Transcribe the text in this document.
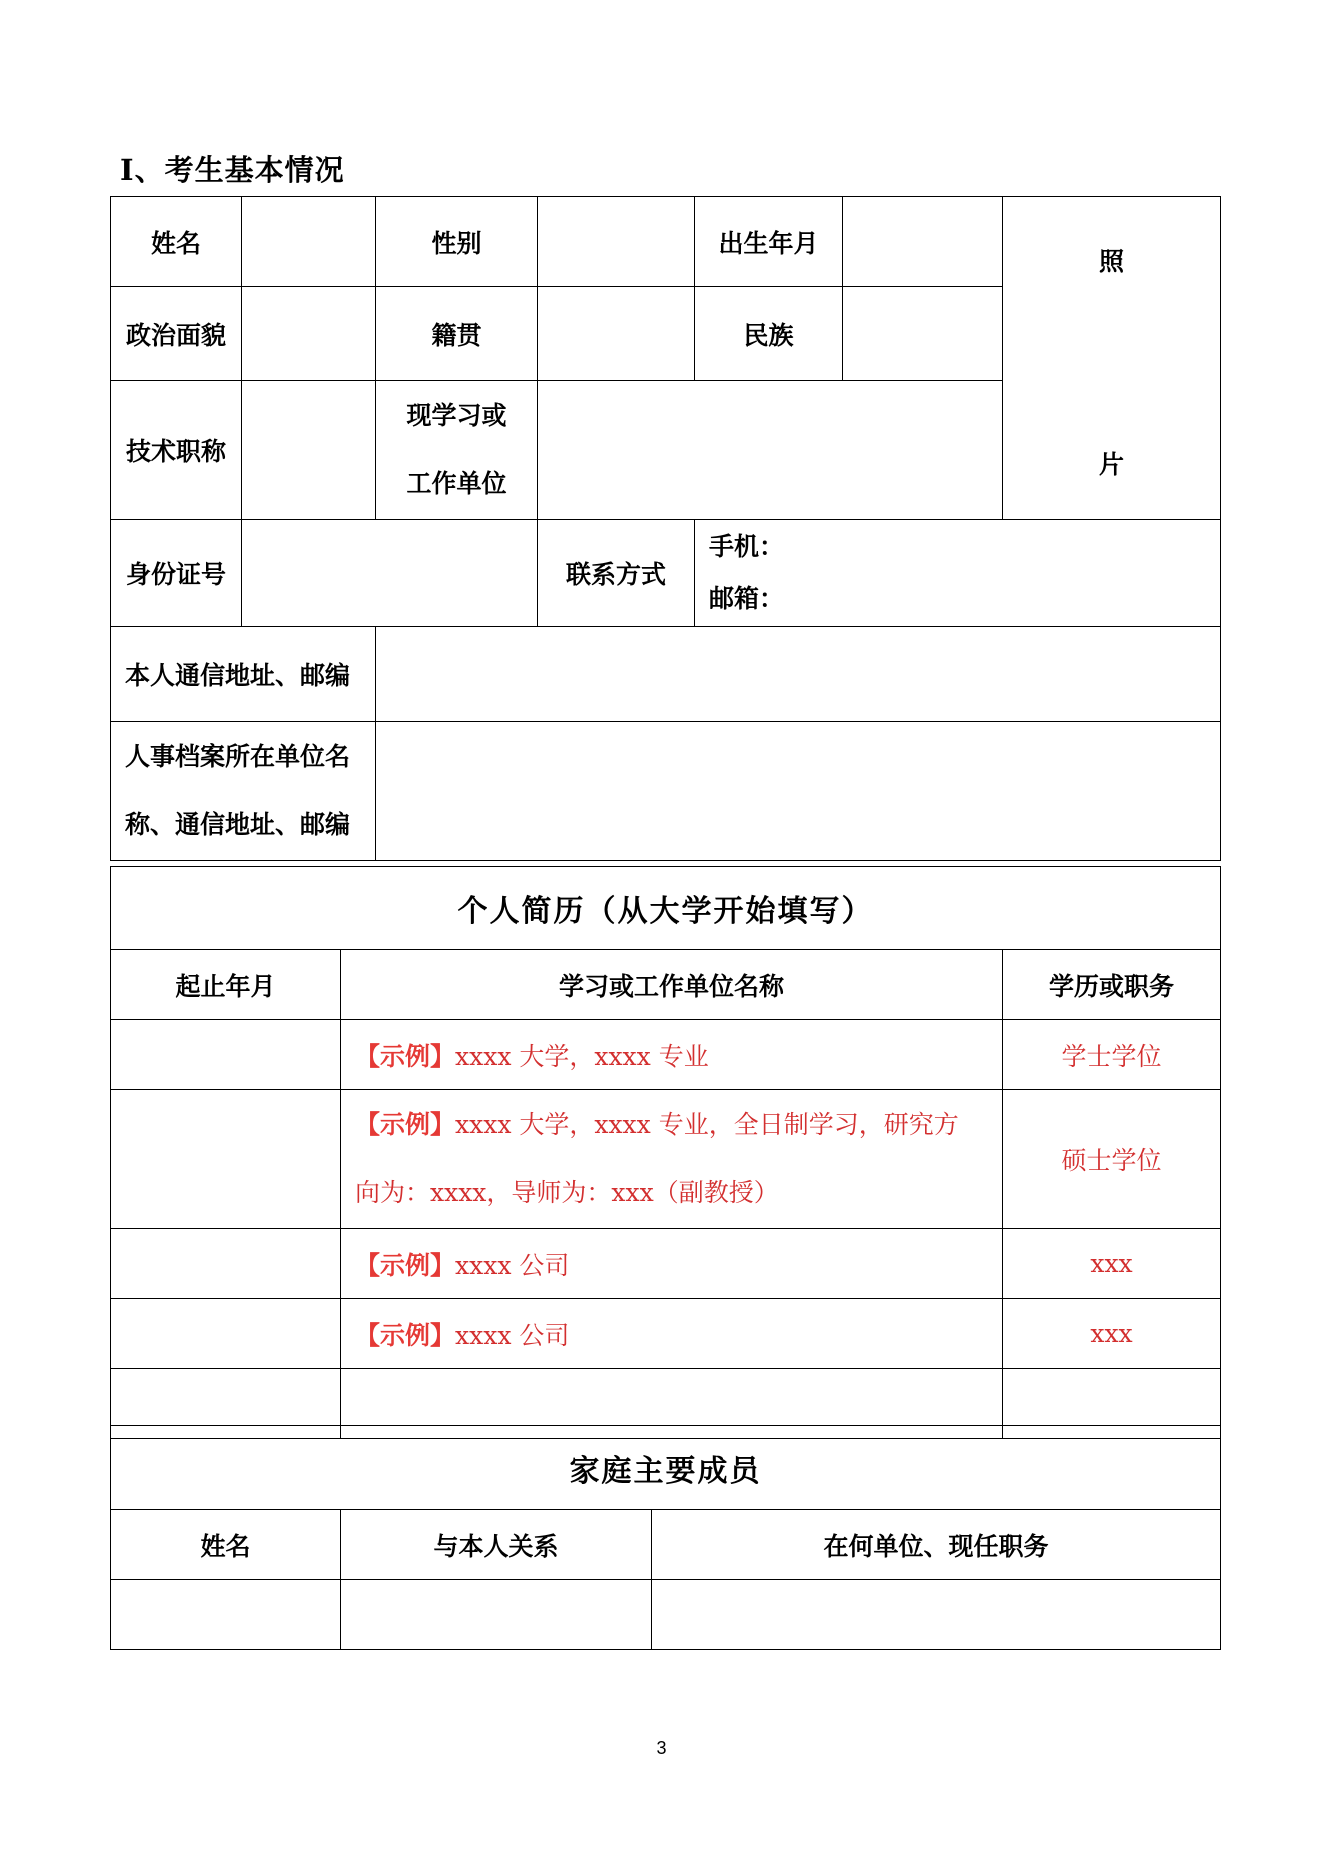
Ⅰ、考生基本情况
姓名		性别		出生年月		照
片

政治面貌		籍贯		民族		
技术职称		现学习或
工作单位				

身份证号			联系方式	手机：
邮箱：		

本人通信地址、邮编						

人事档案所在单位名
称、通信地址、邮编						

个人简历（从大学开始填写）		
起止年月	学习或工作单位名称	学历或职务
	【示例】xxxx 大学，xxxx 专业	学士学位

	【示例】xxxx 大学，xxxx 专业，全日制学习，研究方
向为：xxxx，导师为：xxx（副教授）	硕士学位
	【示例】xxxx 公司	xxx
	【示例】xxxx 公司	xxx

家庭主要成员		
姓名	与本人关系	在何单位、现任职务

3
